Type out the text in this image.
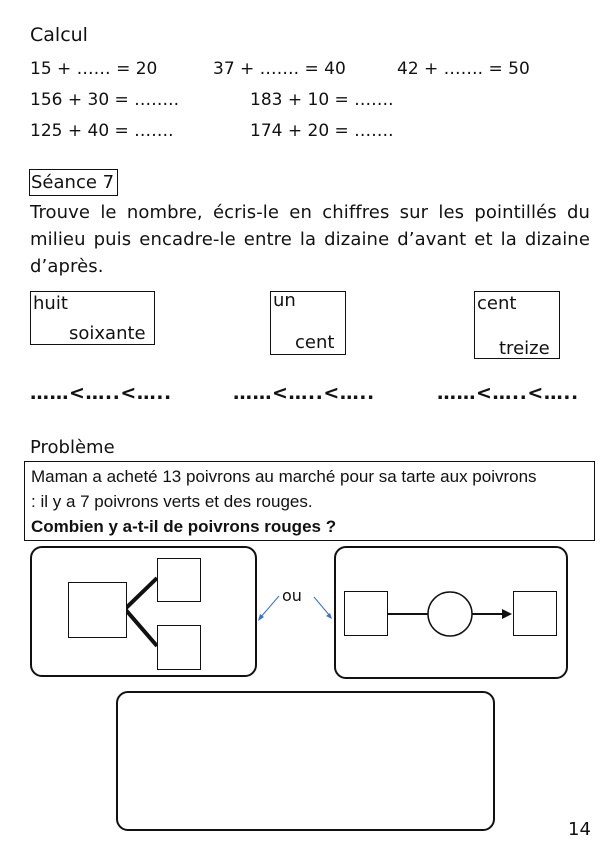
Calcul
15 + …… = 20	37 + ……. = 40	42 + ……. = 50
156 + 30 = ……..	183 + 10 = …….
125 + 40 = …….	174 + 20 = …….
Séance 7
Trouve le nombre, écris-le en chiffres sur les pointillés du
milieu puis encadre-le entre la dizaine d’avant et la dizaine
d’après.
huit
soixante
un
cent
cent
treize
……<…..<…..	……<…..<…..	……<…..<…..
Problème
Maman a acheté 13 poivrons au marché pour sa tarte aux poivrons
: il y a 7 poivrons verts et des rouges.
Combien y a-t-il de poivrons rouges ?
ou
14
